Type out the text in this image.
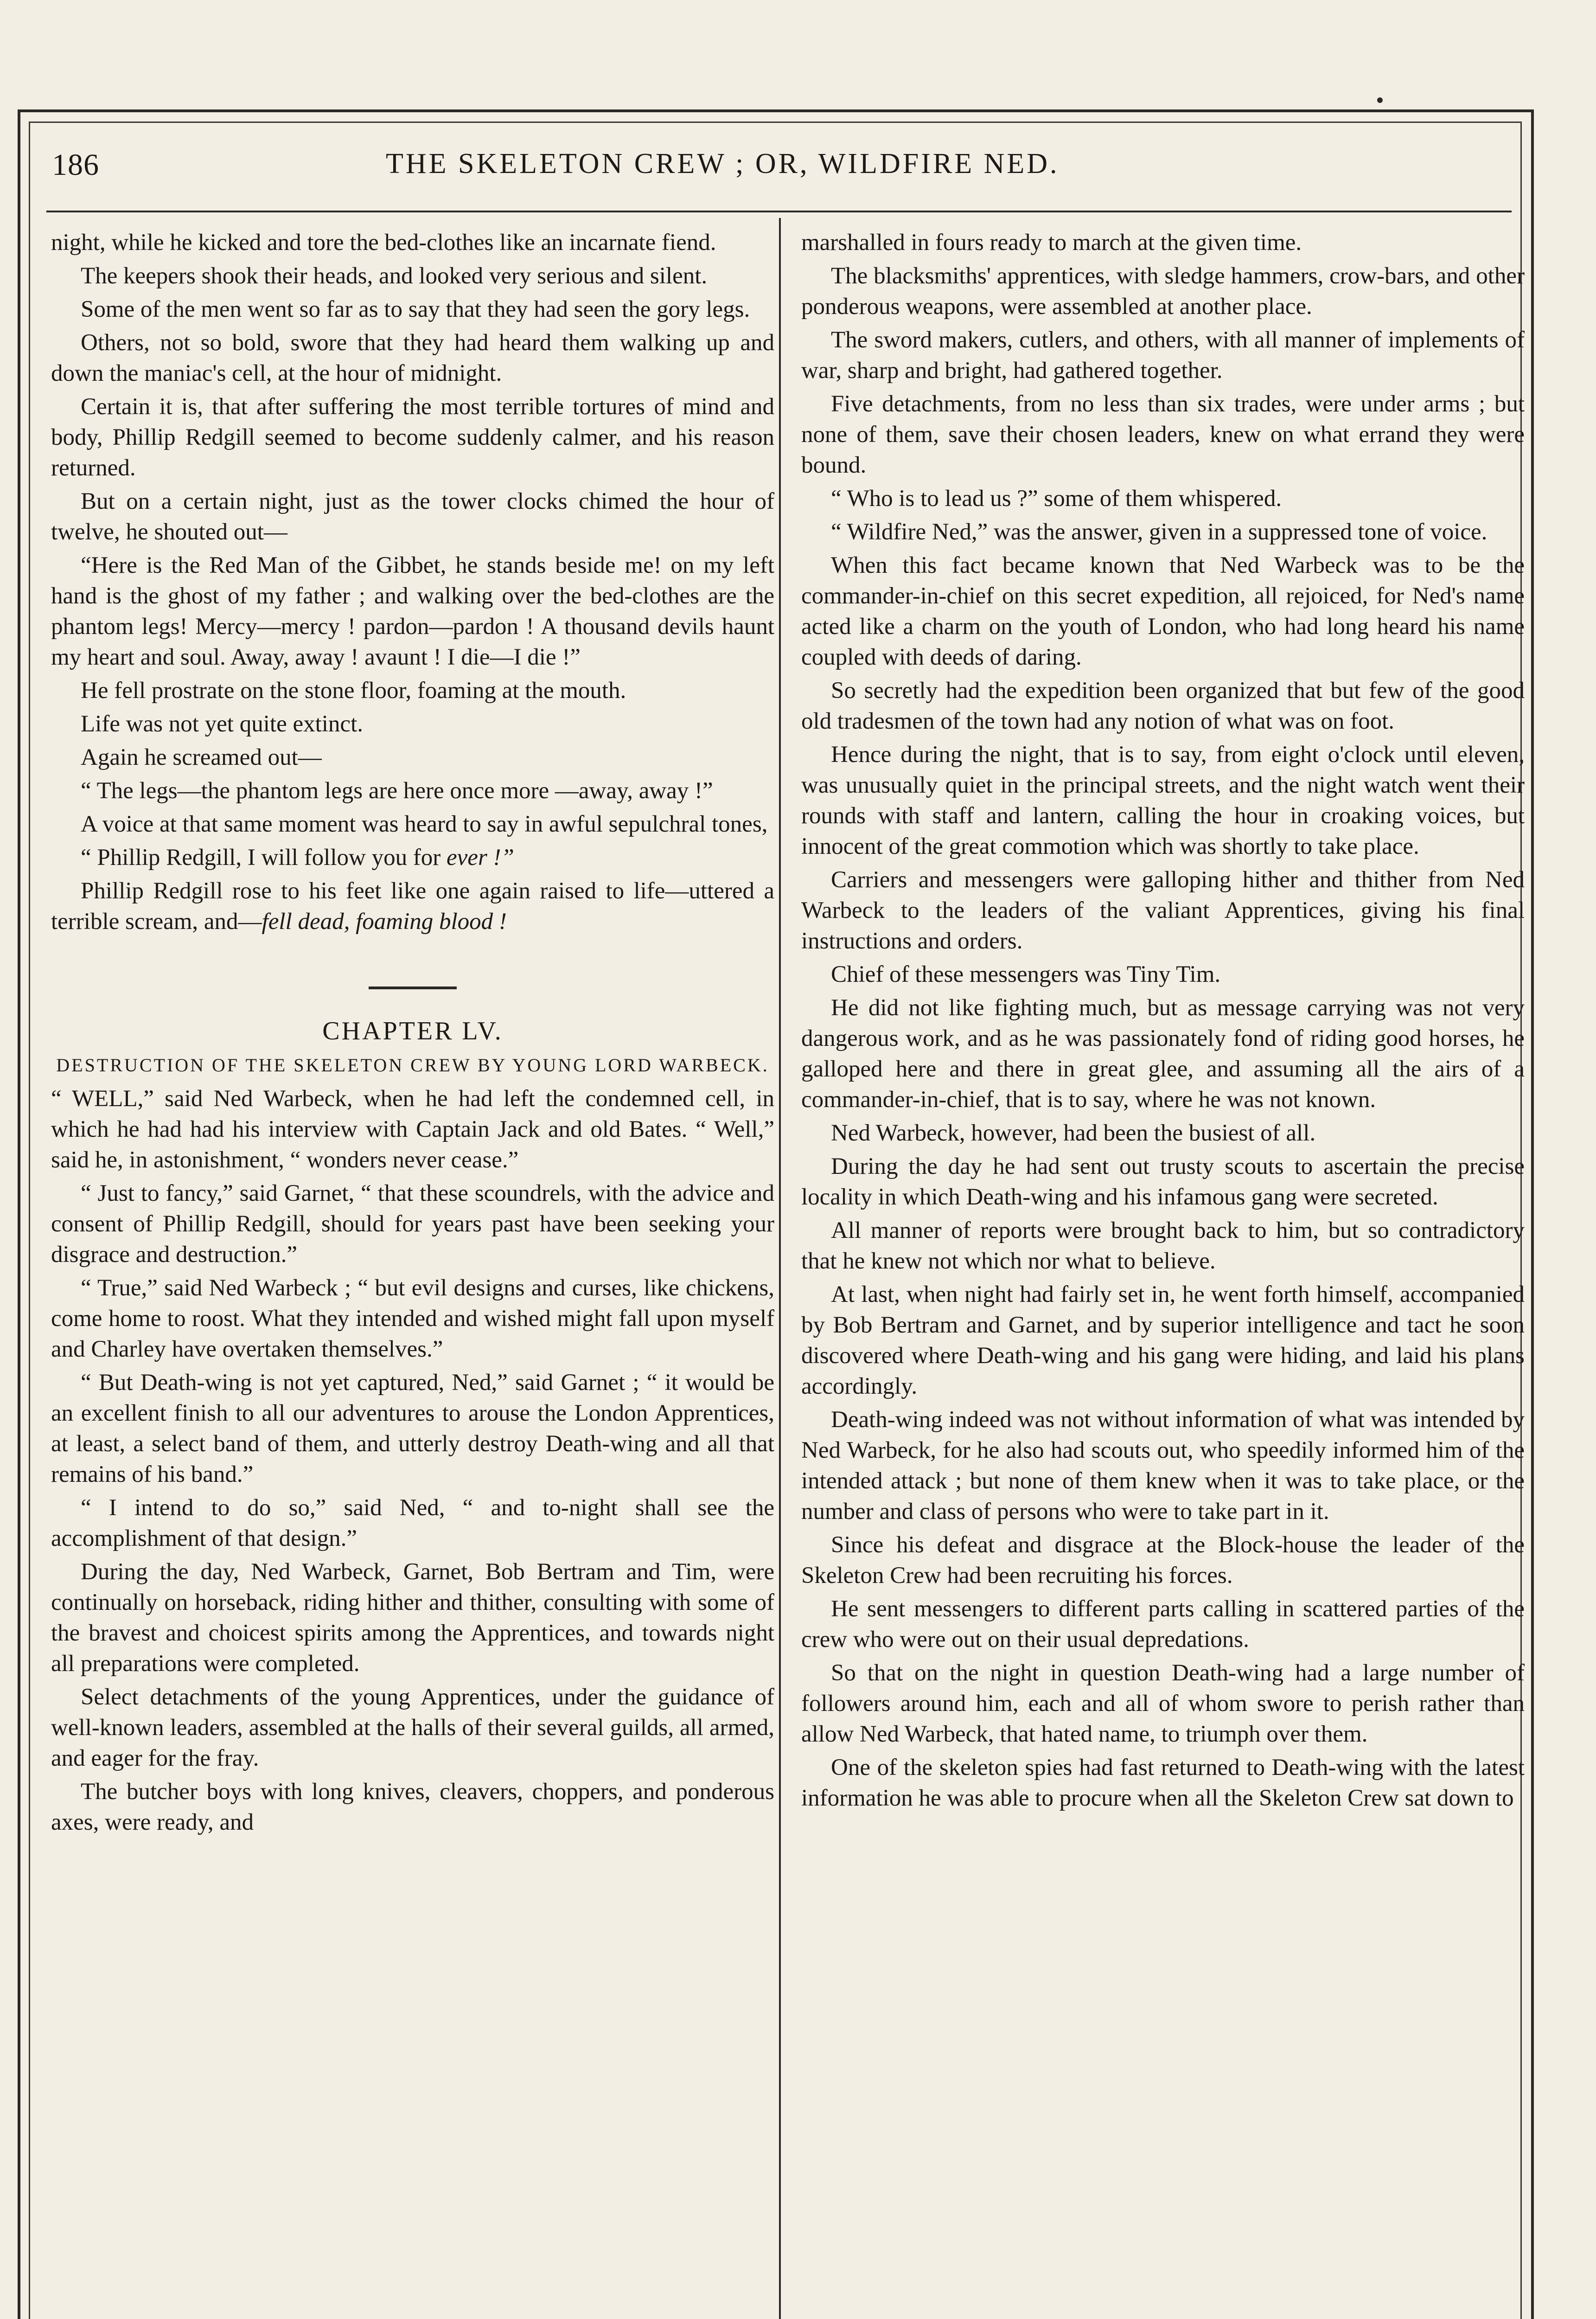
186	THE SKELETON CREW ; OR, WILDFIRE NED.

night, while he kicked and tore the bed-clothes like an incarnate fiend.

The keepers shook their heads, and looked very serious and silent.

Some of the men went so far as to say that they had seen the gory legs.

Others, not so bold, swore that they had heard them walking up and down the maniac's cell, at the hour of midnight.

Certain it is, that after suffering the most terrible tortures of mind and body, Phillip Redgill seemed to become suddenly calmer, and his reason returned.

But on a certain night, just as the tower clocks chimed the hour of twelve, he shouted out—

“Here is the Red Man of the Gibbet, he stands beside me! on my left hand is the ghost of my father ; and walking over the bed-clothes are the phantom legs! Mercy—mercy ! pardon—pardon ! A thousand devils haunt my heart and soul. Away, away ! avaunt ! I die—I die !”

He fell prostrate on the stone floor, foaming at the mouth.

Life was not yet quite extinct.

Again he screamed out—

“ The legs—the phantom legs are here once more —away, away !”

A voice at that same moment was heard to say in awful sepulchral tones,

“ Phillip Redgill, I will follow you for ever !”

Phillip Redgill rose to his feet like one again raised to life—uttered a terrible scream, and—fell dead, foaming blood !

CHAPTER LV.
DESTRUCTION OF THE SKELETON CREW BY YOUNG LORD WARBECK.

“ WELL,” said Ned Warbeck, when he had left the condemned cell, in which he had had his interview with Captain Jack and old Bates. “ Well,” said he, in astonishment, “ wonders never cease.”

“ Just to fancy,” said Garnet, “ that these scoundrels, with the advice and consent of Phillip Redgill, should for years past have been seeking your disgrace and destruction.”

“ True,” said Ned Warbeck ; “ but evil designs and curses, like chickens, come home to roost. What they intended and wished might fall upon myself and Charley have overtaken themselves.”

“ But Death-wing is not yet captured, Ned,” said Garnet ; “ it would be an excellent finish to all our adventures to arouse the London Apprentices, at least, a select band of them, and utterly destroy Death-wing and all that remains of his band.”

“ I intend to do so,” said Ned, “ and to-night shall see the accomplishment of that design.”

During the day, Ned Warbeck, Garnet, Bob Bertram and Tim, were continually on horseback, riding hither and thither, consulting with some of the bravest and choicest spirits among the Apprentices, and towards night all preparations were completed.

Select detachments of the young Apprentices, under the guidance of well-known leaders, assembled at the halls of their several guilds, all armed, and eager for the fray.

The butcher boys with long knives, cleavers, choppers, and ponderous axes, were ready, and

marshalled in fours ready to march at the given time.

The blacksmiths' apprentices, with sledge hammers, crow-bars, and other ponderous weapons, were assembled at another place.

The sword makers, cutlers, and others, with all manner of implements of war, sharp and bright, had gathered together.

Five detachments, from no less than six trades, were under arms ; but none of them, save their chosen leaders, knew on what errand they were bound.

“ Who is to lead us ?” some of them whispered.

“ Wildfire Ned,” was the answer, given in a suppressed tone of voice.

When this fact became known that Ned Warbeck was to be the commander-in-chief on this secret expedition, all rejoiced, for Ned's name acted like a charm on the youth of London, who had long heard his name coupled with deeds of daring.

So secretly had the expedition been organized that but few of the good old tradesmen of the town had any notion of what was on foot.

Hence during the night, that is to say, from eight o'clock until eleven, was unusually quiet in the principal streets, and the night watch went their rounds with staff and lantern, calling the hour in croaking voices, but innocent of the great commotion which was shortly to take place.

Carriers and messengers were galloping hither and thither from Ned Warbeck to the leaders of the valiant Apprentices, giving his final instructions and orders.

Chief of these messengers was Tiny Tim.

He did not like fighting much, but as message carrying was not very dangerous work, and as he was passionately fond of riding good horses, he galloped here and there in great glee, and assuming all the airs of a commander-in-chief, that is to say, where he was not known.

Ned Warbeck, however, had been the busiest of all.

During the day he had sent out trusty scouts to ascertain the precise locality in which Death-wing and his infamous gang were secreted.

All manner of reports were brought back to him, but so contradictory that he knew not which nor what to believe.

At last, when night had fairly set in, he went forth himself, accompanied by Bob Bertram and Garnet, and by superior intelligence and tact he soon discovered where Death-wing and his gang were hiding, and laid his plans accordingly.

Death-wing indeed was not without information of what was intended by Ned Warbeck, for he also had scouts out, who speedily informed him of the intended attack ; but none of them knew when it was to take place, or the number and class of persons who were to take part in it.

Since his defeat and disgrace at the Block-house the leader of the Skeleton Crew had been recruiting his forces.

He sent messengers to different parts calling in scattered parties of the crew who were out on their usual depredations.

So that on the night in question Death-wing had a large number of followers around him, each and all of whom swore to perish rather than allow Ned Warbeck, that hated name, to triumph over them.

One of the skeleton spies had fast returned to Death-wing with the latest information he was able to procure when all the Skeleton Crew sat down to
